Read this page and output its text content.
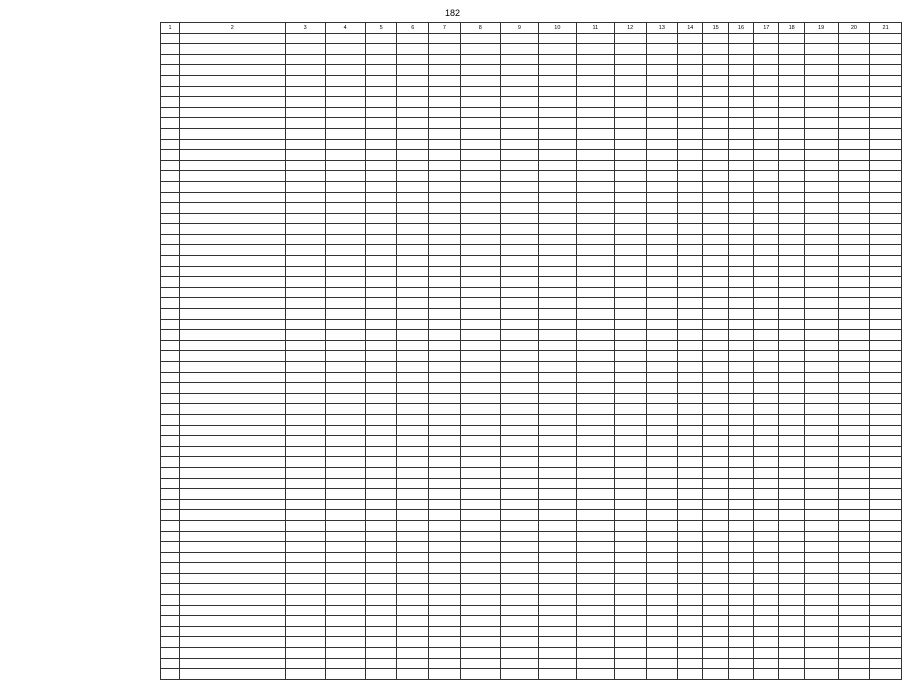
182
1	2	3	4	5	6	7	8	9	10	11	12	13	14	15	16	17	18	19	20	21
